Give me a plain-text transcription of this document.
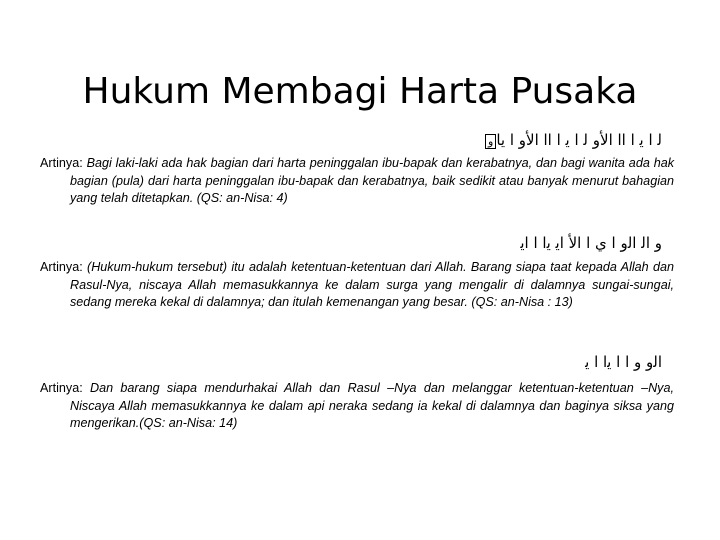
Hukum Membagi Harta Pusaka
ﻟ ﺍ ﻳ ﺍ ﺍﺍ ﺍﻷﻭ ﻟ ﺍ ﻳ ﺍ ﺍﺍ ﺍﻷﻭ ﺍ ﻳﺎﻭ
Artinya: Bagi laki-laki ada hak bagian dari harta peninggalan ibu-bapak dan kerabatnya, dan bagi wanita ada hak bagian (pula) dari harta peninggalan ibu-bapak dan kerabatnya, baik sedikit atau banyak menurut bahagian yang telah ditetapkan. (QS: an-Nisa: 4)
ﻭ ﺍﻟ ﺍﻟﻭ ﺍ ﻱ ﺍ ﺍﻷ ﺍﻳ ﻳﺍ ﺍ ﺍﻳ
Artinya: (Hukum-hukum tersebut) itu adalah ketentuan-ketentuan dari Allah. Barang siapa taat kepada Allah dan Rasul-Nya, niscaya Allah memasukkannya ke dalam surga yang mengalir di dalamnya sungai-sungai, sedang mereka kekal di dalamnya; dan itulah kemenangan yang besar. (QS: an-Nisa : 13)
ﺍﻟﻭ ﻭ ﺍ ﺍ ﻳﺍ ﺍ ﻳ
Artinya: Dan barang siapa mendurhakai Allah dan Rasul –Nya dan melanggar ketentuan-ketentuan –Nya, Niscaya Allah memasukkannya ke dalam api neraka sedang ia kekal di dalamnya dan baginya siksa yang mengerikan.(QS: an-Nisa: 14)
